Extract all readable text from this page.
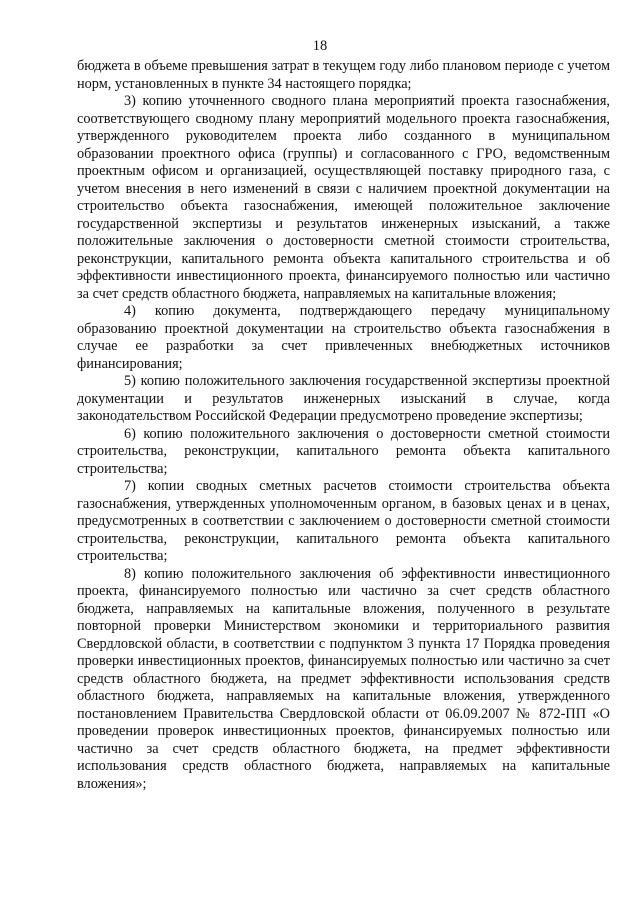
18

бюджета в объеме превышения затрат в текущем году либо плановом периоде с учетом норм, установленных в пункте 34 настоящего порядка;

3) копию уточненного сводного плана мероприятий проекта газоснабжения, соответствующего сводному плану мероприятий модельного проекта газоснабжения, утвержденного руководителем проекта либо созданного в муниципальном образовании проектного офиса (группы) и согласованного с ГРО, ведомственным проектным офисом и организацией, осуществляющей поставку природного газа, с учетом внесения в него изменений в связи с наличием проектной документации на строительство объекта газоснабжения, имеющей положительное заключение государственной экспертизы и результатов инженерных изысканий, а также положительные заключения о достоверности сметной стоимости строительства, реконструкции, капитального ремонта объекта капитального строительства и об эффективности инвестиционного проекта, финансируемого полностью или частично за счет средств областного бюджета, направляемых на капитальные вложения;

4) копию документа, подтверждающего передачу муниципальному образованию проектной документации на строительство объекта газоснабжения в случае ее разработки за счет привлеченных внебюджетных источников финансирования;

5) копию положительного заключения государственной экспертизы проектной документации и результатов инженерных изысканий в случае, когда законодательством Российской Федерации предусмотрено проведение экспертизы;

6) копию положительного заключения о достоверности сметной стоимости строительства, реконструкции, капитального ремонта объекта капитального строительства;

7) копии сводных сметных расчетов стоимости строительства объекта газоснабжения, утвержденных уполномоченным органом, в базовых ценах и в ценах, предусмотренных в соответствии с заключением о достоверности сметной стоимости строительства, реконструкции, капитального ремонта объекта капитального строительства;

8) копию положительного заключения об эффективности инвестиционного проекта, финансируемого полностью или частично за счет средств областного бюджета, направляемых на капитальные вложения, полученного в результате повторной проверки Министерством экономики и территориального развития Свердловской области, в соответствии с подпунктом 3 пункта 17 Порядка проведения проверки инвестиционных проектов, финансируемых полностью или частично за счет средств областного бюджета, на предмет эффективности использования средств областного бюджета, направляемых на капитальные вложения, утвержденного постановлением Правительства Свердловской области от 06.09.2007 № 872-ПП «О проведении проверок инвестиционных проектов, финансируемых полностью или частично за счет средств областного бюджета, на предмет эффективности использования средств областного бюджета, направляемых на капитальные вложения»;
